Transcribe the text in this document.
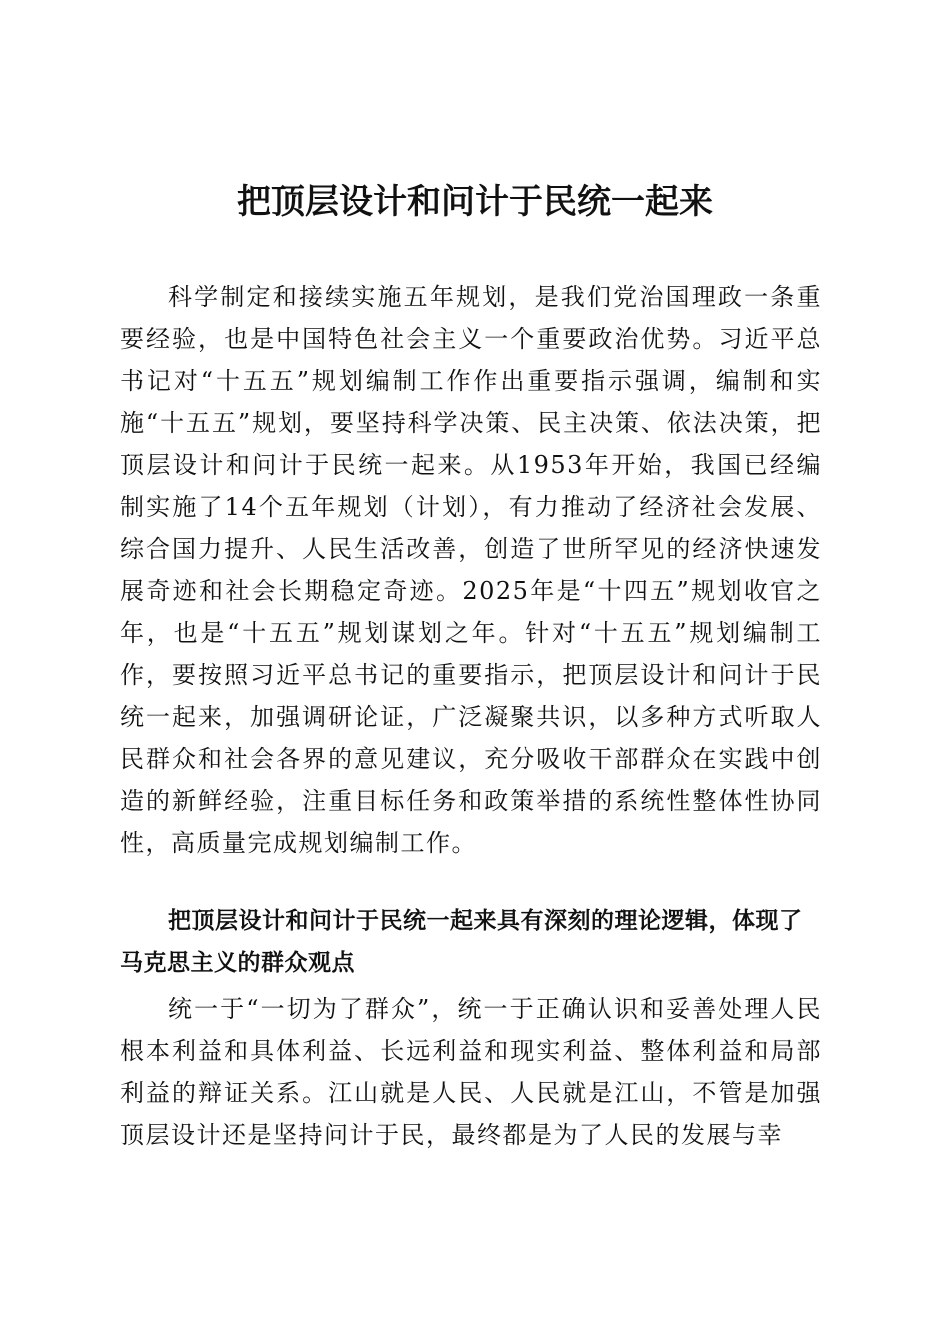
把顶层设计和问计于民统一起来

科学制定和接续实施五年规划，是我们党治国理政一条重要经验，也是中国特色社会主义一个重要政治优势。习近平总书记对“十五五”规划编制工作作出重要指示强调，编制和实施“十五五”规划，要坚持科学决策、民主决策、依法决策，把顶层设计和问计于民统一起来。从1953年开始，我国已经编制实施了14个五年规划（计划），有力推动了经济社会发展、综合国力提升、人民生活改善，创造了世所罕见的经济快速发展奇迹和社会长期稳定奇迹。2025年是“十四五”规划收官之年，也是“十五五”规划谋划之年。针对“十五五”规划编制工作，要按照习近平总书记的重要指示，把顶层设计和问计于民统一起来，加强调研论证，广泛凝聚共识，以多种方式听取人民群众和社会各界的意见建议，充分吸收干部群众在实践中创造的新鲜经验，注重目标任务和政策举措的系统性整体性协同性，高质量完成规划编制工作。

把顶层设计和问计于民统一起来具有深刻的理论逻辑，体现了马克思主义的群众观点

统一于“一切为了群众”，统一于正确认识和妥善处理人民根本利益和具体利益、长远利益和现实利益、整体利益和局部利益的辩证关系。江山就是人民、人民就是江山，不管是加强顶层设计还是坚持问计于民，最终都是为了人民的发展与幸
